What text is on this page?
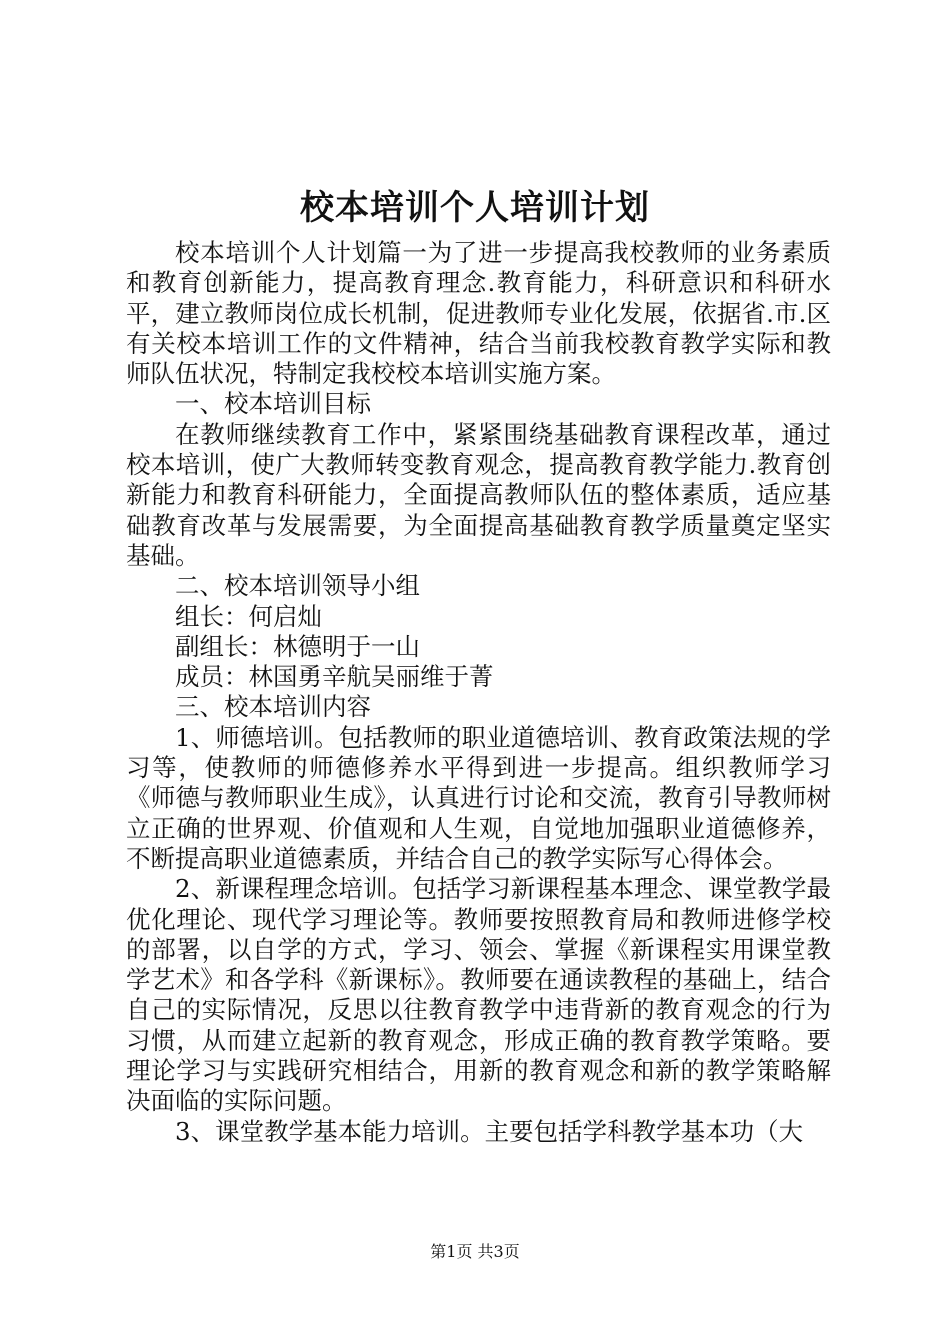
校本培训个人培训计划

校本培训个人计划篇一为了进一步提高我校教师的业务素质和教育创新能力，提高教育理念.教育能力，科研意识和科研水平，建立教师岗位成长机制，促进教师专业化发展，依据省.市.区有关校本培训工作的文件精神，结合当前我校教育教学实际和教师队伍状况，特制定我校校本培训实施方案。

一、校本培训目标

在教师继续教育工作中，紧紧围绕基础教育课程改革，通过校本培训，使广大教师转变教育观念，提高教育教学能力.教育创新能力和教育科研能力，全面提高教师队伍的整体素质，适应基础教育改革与发展需要，为全面提高基础教育教学质量奠定坚实基础。

二、校本培训领导小组

组长：何启灿

副组长：林德明于一山

成员：林国勇辛航吴丽维于菁

三、校本培训内容

1、师德培训。包括教师的职业道德培训、教育政策法规的学习等，使教师的师德修养水平得到进一步提高。组织教师学习《师德与教师职业生成》，认真进行讨论和交流，教育引导教师树立正确的世界观、价值观和人生观，自觉地加强职业道德修养，不断提高职业道德素质，并结合自己的教学实际写心得体会。

2、新课程理念培训。包括学习新课程基本理念、课堂教学最优化理论、现代学习理论等。教师要按照教育局和教师进修学校的部署，以自学的方式，学习、领会、掌握《新课程实用课堂教学艺术》和各学科《新课标》。教师要在通读教程的基础上，结合自己的实际情况，反思以往教育教学中违背新的教育观念的行为习惯，从而建立起新的教育观念，形成正确的教育教学策略。要理论学习与实践研究相结合，用新的教育观念和新的教学策略解决面临的实际问题。

3、课堂教学基本能力培训。主要包括学科教学基本功（大

第1页 共3页
